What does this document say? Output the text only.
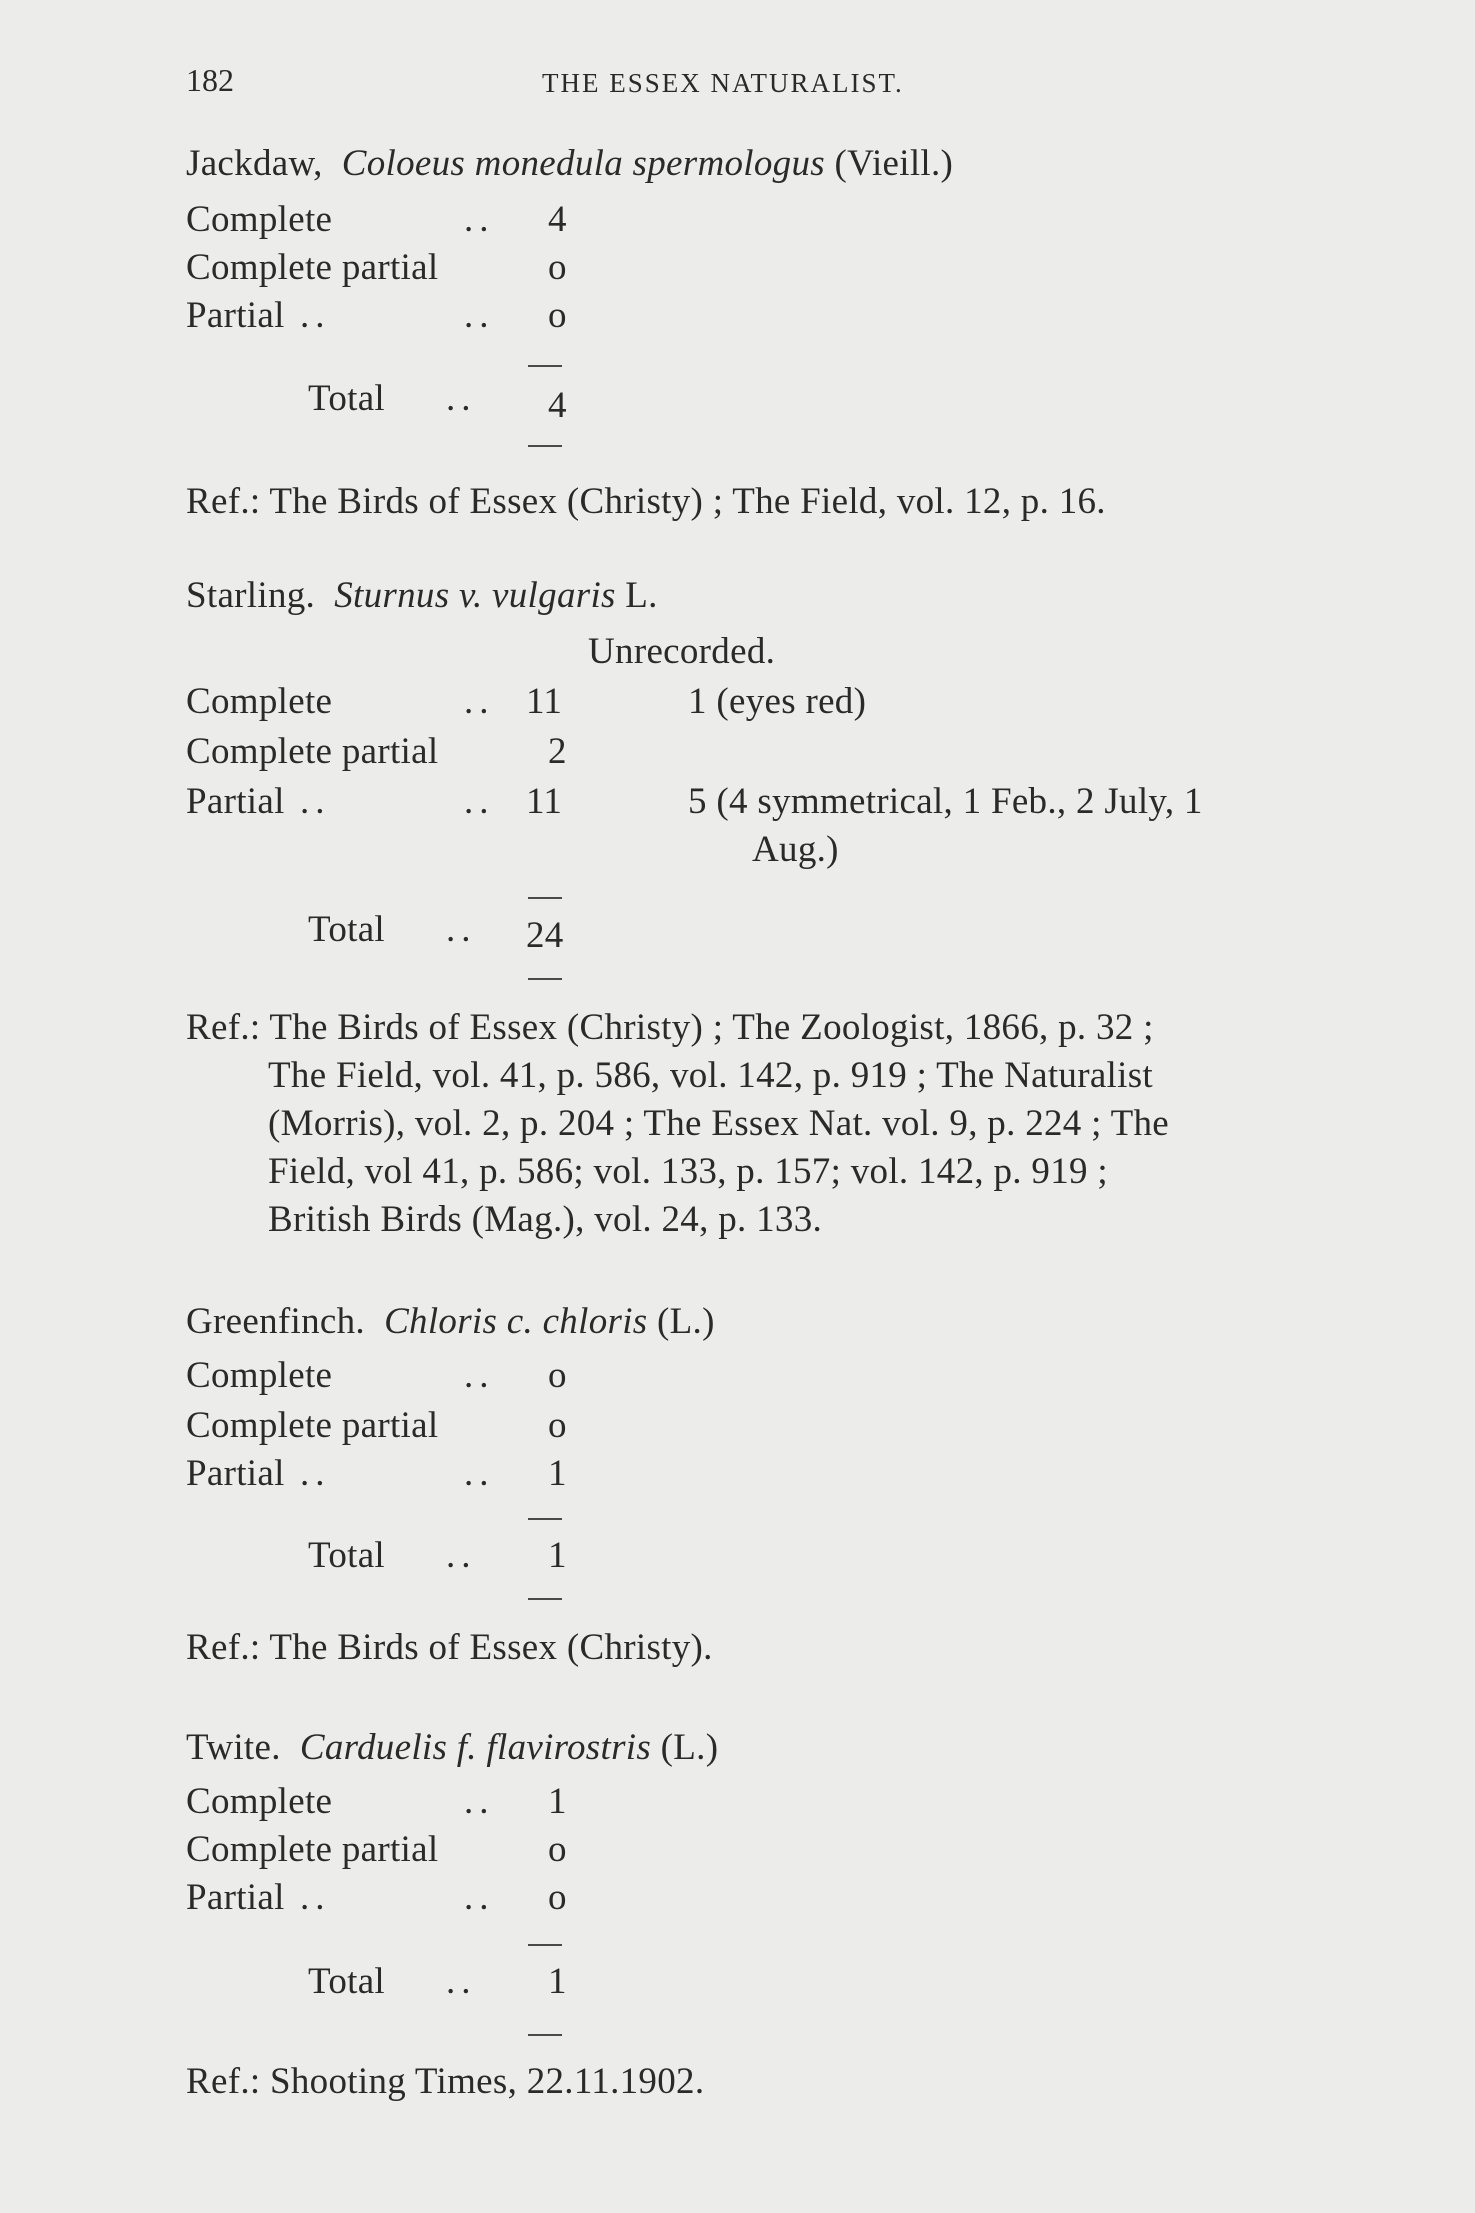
182	THE ESSEX NATURALIST.
Jackdaw, Coloeus monedula spermologus (Vieill.)
Complete	.. 4
Complete partial	o
Partial ..	.. o
Total .. 4
Ref.: The Birds of Essex (Christy) ; The Field, vol. 12, p. 16.
Starling. Sturnus v. vulgaris L.
Unrecorded.
Complete	.. 11	1 (eyes red)
Complete partial	2
Partial ..	.. 11	5 (4 symmetrical, 1 Feb., 2 July, 1
Aug.)
Total .. 24
Ref.: The Birds of Essex (Christy) ; The Zoologist, 1866, p. 32 ;
The Field, vol. 41, p. 586, vol. 142, p. 919 ; The Naturalist
(Morris), vol. 2, p. 204 ; The Essex Nat. vol. 9, p. 224 ; The
Field, vol 41, p. 586; vol. 133, p. 157; vol. 142, p. 919 ;
British Birds (Mag.), vol. 24, p. 133.
Greenfinch. Chloris c. chloris (L.)
Complete	.. o
Complete partial	o
Partial ..	.. 1
Total .. 1
Ref.: The Birds of Essex (Christy).
Twite. Carduelis f. flavirostris (L.)
Complete	.. 1
Complete partial	o
Partial ..	.. o
Total .. 1
Ref.: Shooting Times, 22.11.1902.
